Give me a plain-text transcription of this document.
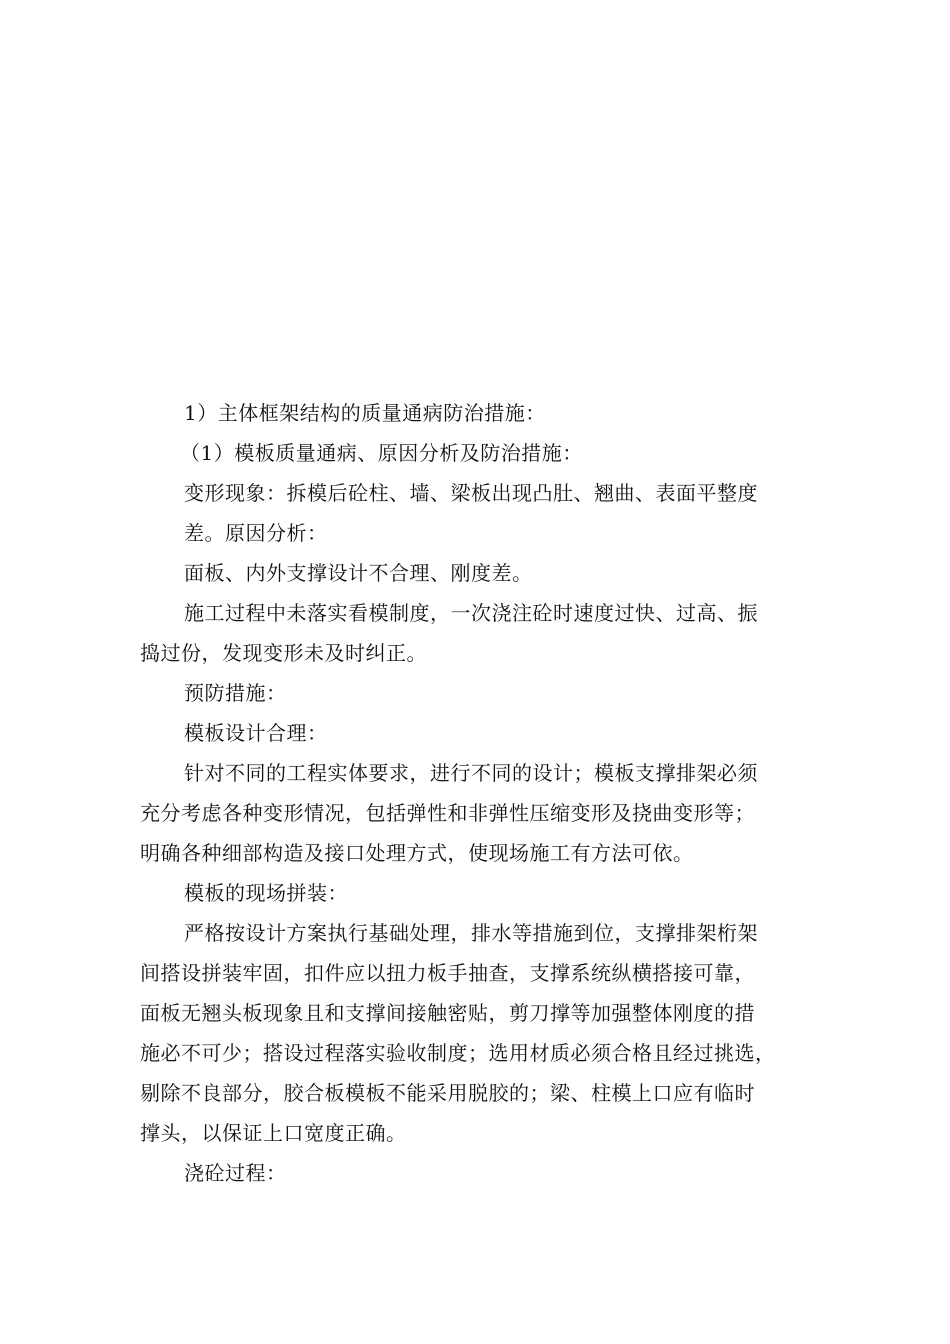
1）主体框架结构的质量通病防治措施：
（1）模板质量通病、原因分析及防治措施：
变形现象：拆模后砼柱、墙、梁板出现凸肚、翘曲、表面平整度
差。原因分析：
面板、内外支撑设计不合理、刚度差。
施工过程中未落实看模制度，一次浇注砼时速度过快、过高、振
捣过份，发现变形未及时纠正。
预防措施：
模板设计合理：
针对不同的工程实体要求，进行不同的设计；模板支撑排架必须
充分考虑各种变形情况，包括弹性和非弹性压缩变形及挠曲变形等；
明确各种细部构造及接口处理方式，使现场施工有方法可依。
模板的现场拼装：
严格按设计方案执行基础处理，排水等措施到位，支撑排架桁架
间搭设拼装牢固，扣件应以扭力板手抽查，支撑系统纵横搭接可靠，
面板无翘头板现象且和支撑间接触密贴，剪刀撑等加强整体刚度的措
施必不可少；搭设过程落实验收制度；选用材质必须合格且经过挑选，
剔除不良部分，胶合板模板不能采用脱胶的；梁、柱模上口应有临时
撑头，以保证上口宽度正确。
浇砼过程：
